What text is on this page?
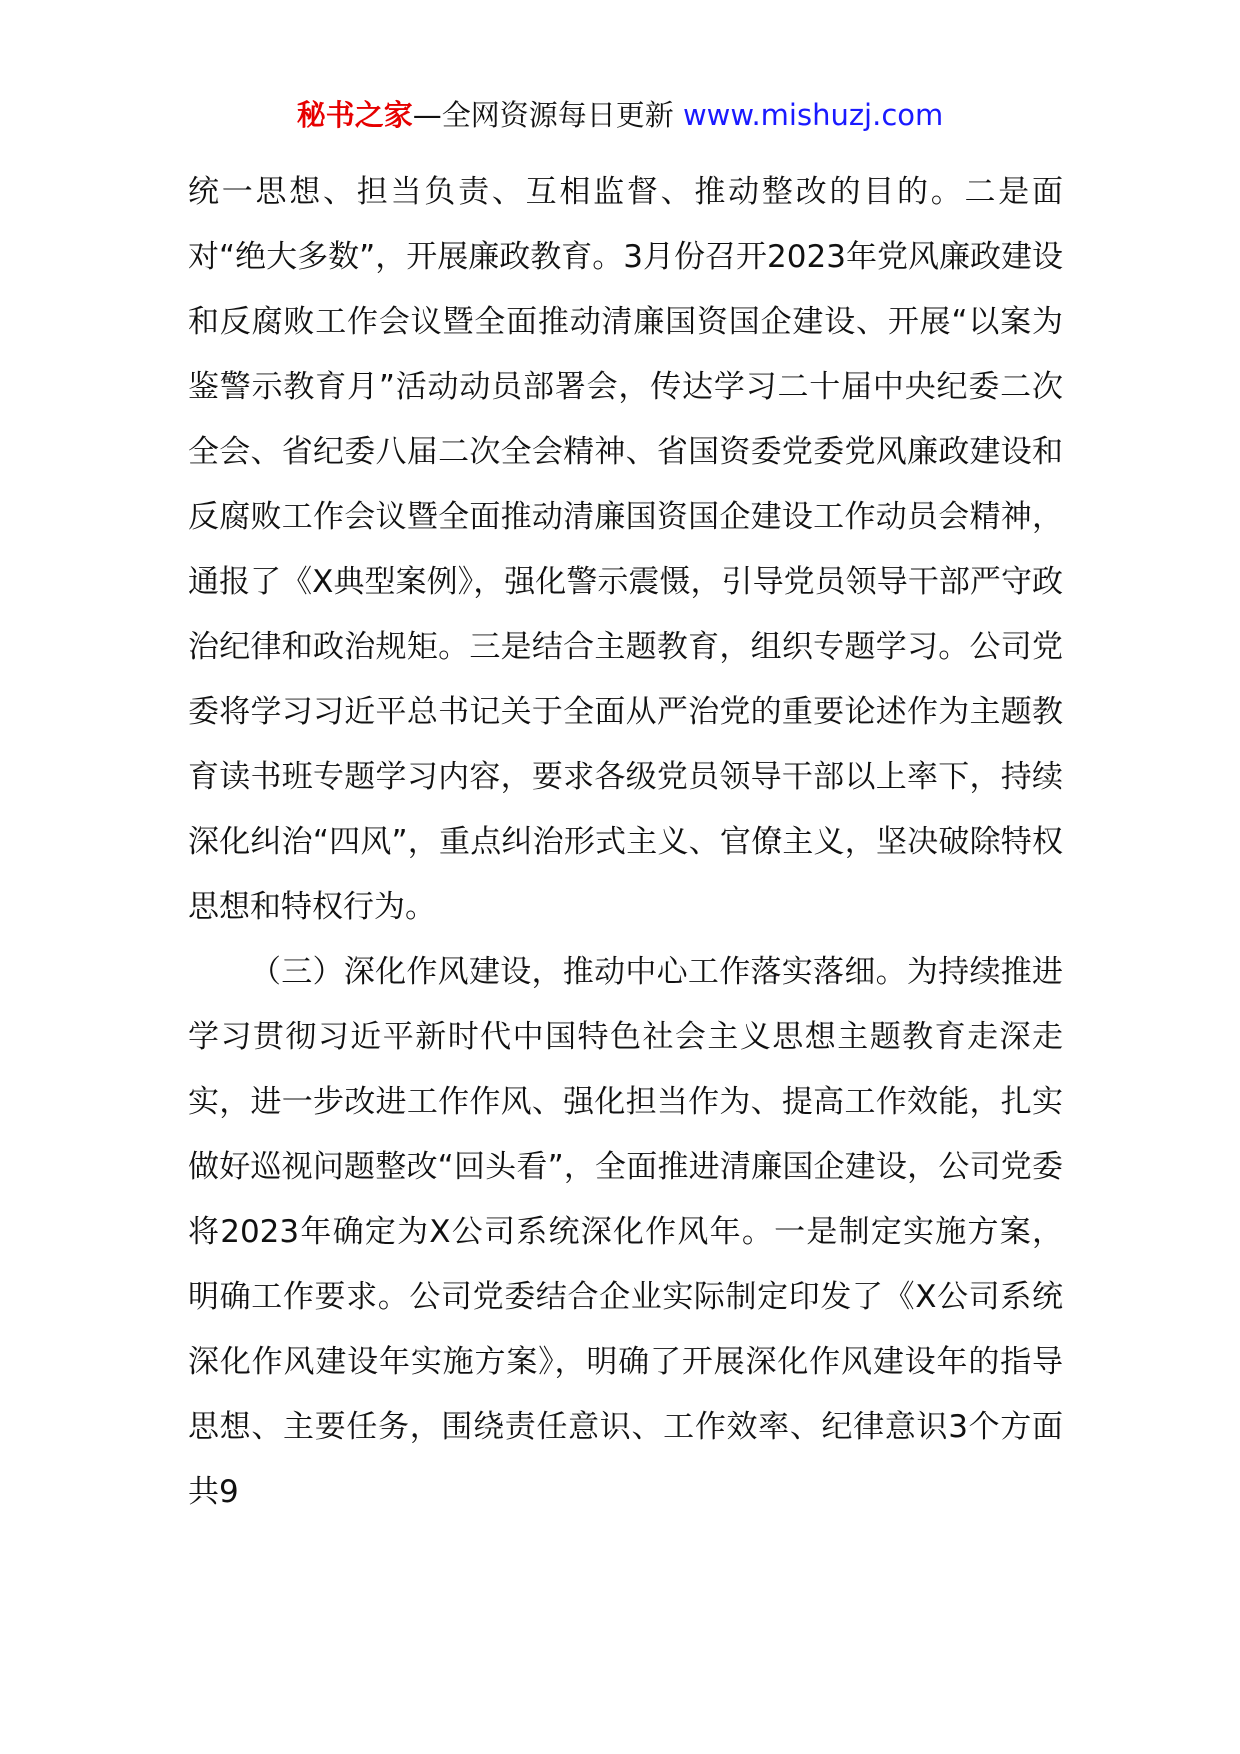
秘书之家—全网资源每日更新 www.mishuzj.com

统一思想、担当负责、互相监督、推动整改的目的。二是面对“绝大多数”，开展廉政教育。3月份召开2023年党风廉政建设和反腐败工作会议暨全面推动清廉国资国企建设、开展“以案为鉴警示教育月”活动动员部署会，传达学习二十届中央纪委二次全会、省纪委八届二次全会精神、省国资委党委党风廉政建设和反腐败工作会议暨全面推动清廉国资国企建设工作动员会精神，通报了《X典型案例》，强化警示震慑，引导党员领导干部严守政治纪律和政治规矩。三是结合主题教育，组织专题学习。公司党委将学习习近平总书记关于全面从严治党的重要论述作为主题教育读书班专题学习内容，要求各级党员领导干部以上率下，持续深化纠治“四风”，重点纠治形式主义、官僚主义，坚决破除特权思想和特权行为。

（三）深化作风建设，推动中心工作落实落细。为持续推进学习贯彻习近平新时代中国特色社会主义思想主题教育走深走实，进一步改进工作作风、强化担当作为、提高工作效能，扎实做好巡视问题整改“回头看”，全面推进清廉国企建设，公司党委将2023年确定为X公司系统深化作风年。一是制定实施方案，明确工作要求。公司党委结合企业实际制定印发了《X公司系统深化作风建设年实施方案》，明确了开展深化作风建设年的指导思想、主要任务，围绕责任意识、工作效率、纪律意识3个方面共9
